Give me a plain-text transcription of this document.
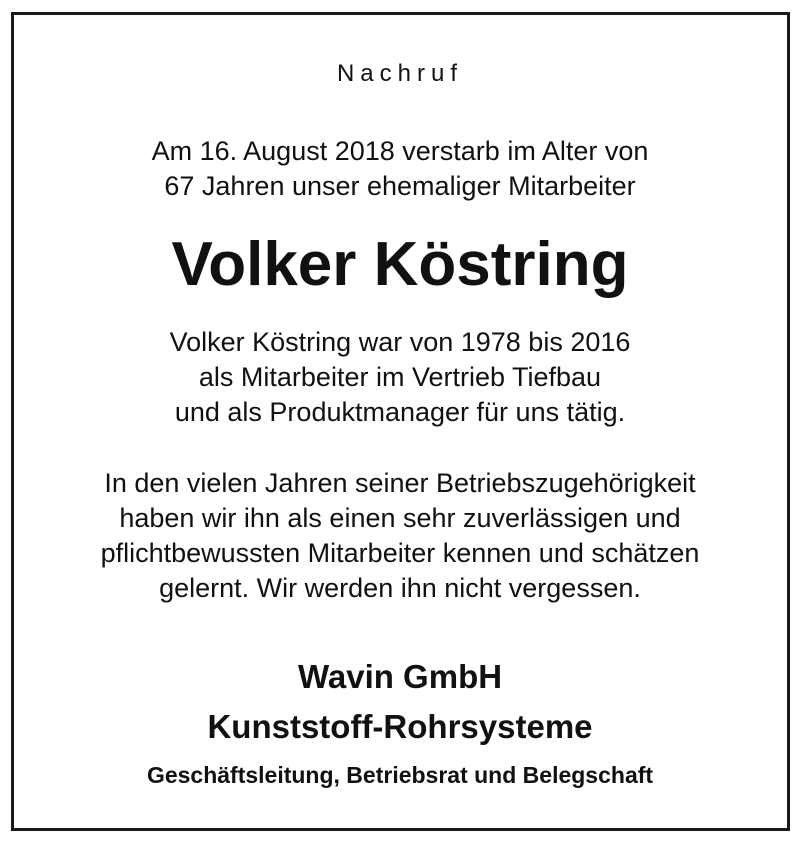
Nachruf
Am 16. August 2018 verstarb im Alter von
67 Jahren unser ehemaliger Mitarbeiter
Volker Köstring
Volker Köstring war von 1978 bis 2016
als Mitarbeiter im Vertrieb Tiefbau
und als Produktmanager für uns tätig.
In den vielen Jahren seiner Betriebszugehörigkeit
haben wir ihn als einen sehr zuverlässigen und
pflichtbewussten Mitarbeiter kennen und schätzen
gelernt. Wir werden ihn nicht vergessen.
Wavin GmbH
Kunststoff-Rohrsysteme
Geschäftsleitung, Betriebsrat und Belegschaft
